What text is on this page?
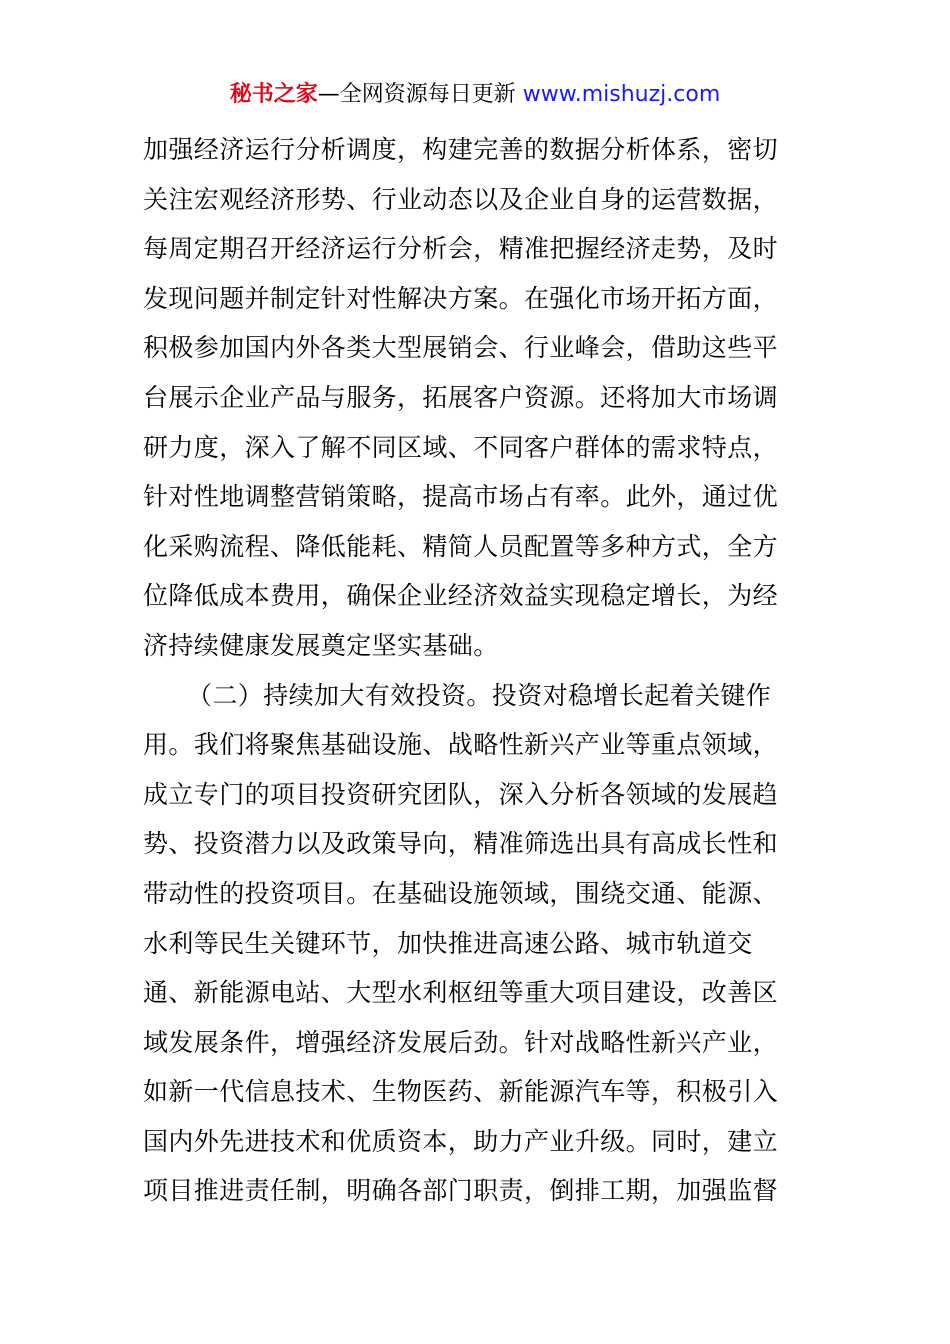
秘书之家—全网资源每日更新 www.mishuzj.com
加强经济运行分析调度，构建完善的数据分析体系，密切
关注宏观经济形势、行业动态以及企业自身的运营数据，
每周定期召开经济运行分析会，精准把握经济走势，及时
发现问题并制定针对性解决方案。在强化市场开拓方面，
积极参加国内外各类大型展销会、行业峰会，借助这些平
台展示企业产品与服务，拓展客户资源。还将加大市场调
研力度，深入了解不同区域、不同客户群体的需求特点，
针对性地调整营销策略，提高市场占有率。此外，通过优
化采购流程、降低能耗、精简人员配置等多种方式，全方
位降低成本费用，确保企业经济效益实现稳定增长，为经
济持续健康发展奠定坚实基础。
（二）持续加大有效投资。投资对稳增长起着关键作
用。我们将聚焦基础设施、战略性新兴产业等重点领域，
成立专门的项目投资研究团队，深入分析各领域的发展趋
势、投资潜力以及政策导向，精准筛选出具有高成长性和
带动性的投资项目。在基础设施领域，围绕交通、能源、
水利等民生关键环节，加快推进高速公路、城市轨道交
通、新能源电站、大型水利枢纽等重大项目建设，改善区
域发展条件，增强经济发展后劲。针对战略性新兴产业，
如新一代信息技术、生物医药、新能源汽车等，积极引入
国内外先进技术和优质资本，助力产业升级。同时，建立
项目推进责任制，明确各部门职责，倒排工期，加强监督
